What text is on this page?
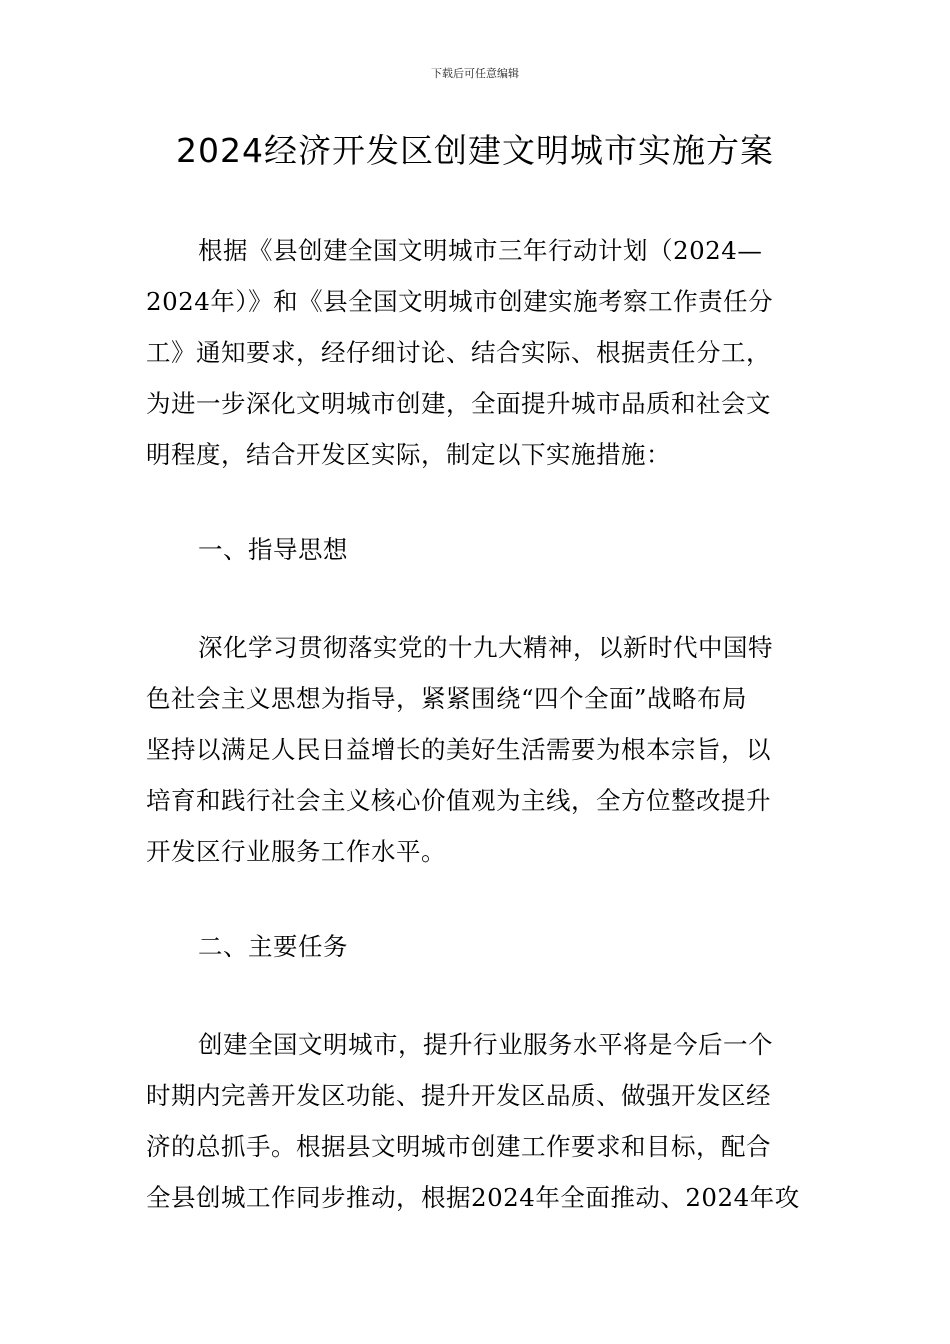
下载后可任意编辑
2024经济开发区创建文明城市实施方案
根据《县创建全国文明城市三年行动计划（2024—
2024年）》和《县全国文明城市创建实施考察工作责任分
工》通知要求，经仔细讨论、结合实际、根据责任分工，
为进一步深化文明城市创建，全面提升城市品质和社会文
明程度，结合开发区实际，制定以下实施措施：
一、指导思想
深化学习贯彻落实党的十九大精神，以新时代中国特
色社会主义思想为指导，紧紧围绕“四个全面”战略布局
坚持以满足人民日益增长的美好生活需要为根本宗旨，以
培育和践行社会主义核心价值观为主线，全方位整改提升
开发区行业服务工作水平。
二、主要任务
创建全国文明城市，提升行业服务水平将是今后一个
时期内完善开发区功能、提升开发区品质、做强开发区经
济的总抓手。根据县文明城市创建工作要求和目标，配合
全县创城工作同步推动，根据2024年全面推动、2024年攻
